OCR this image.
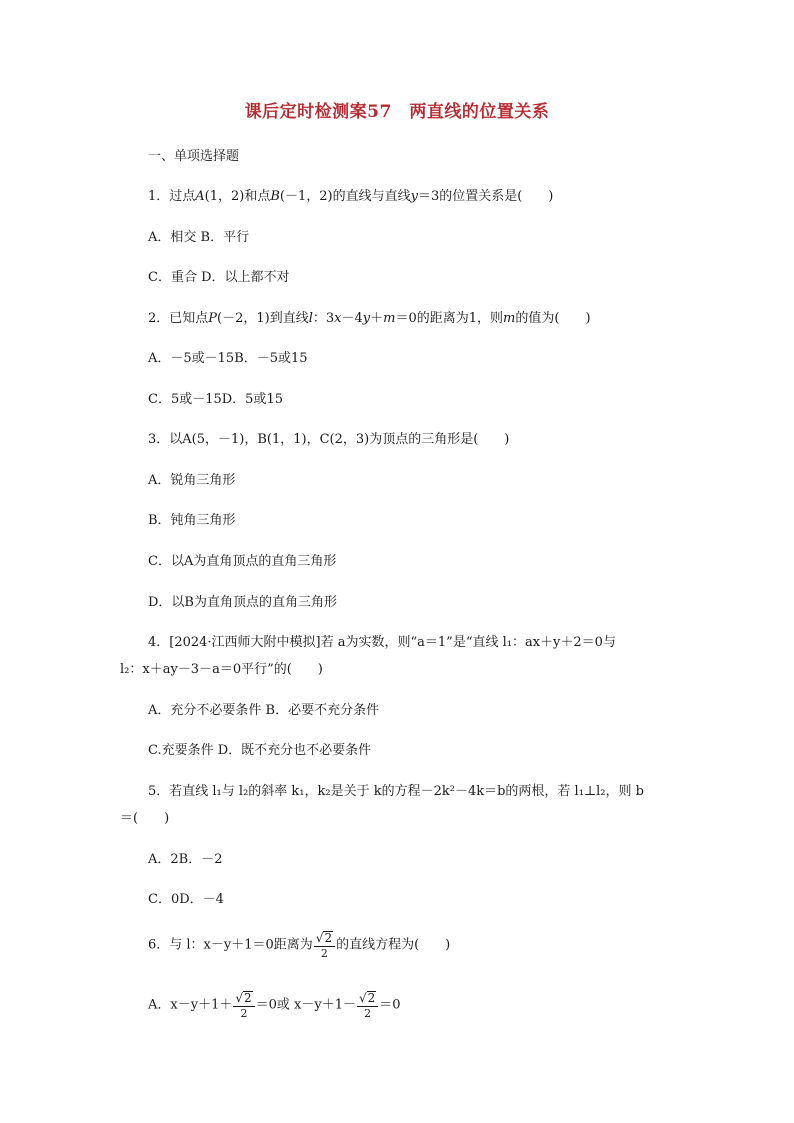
课后定时检测案57　两直线的位置关系
一、单项选择题
1．过点A(1，2)和点B(－1，2)的直线与直线y＝3的位置关系是(　　)
A．相交 B．平行
C．重合 D．以上都不对
2．已知点P(－2，1)到直线l：3x－4y＋m＝0的距离为1，则m的值为(　　)
A．－5或－15B．－5或15
C．5或－15D．5或15
3．以A(5，－1)，B(1，1)，C(2，3)为顶点的三角形是(　　)
A．锐角三角形
B．钝角三角形
C．以A为直角顶点的直角三角形
D．以B为直角顶点的直角三角形
4．[2024·江西师大附中模拟]若 a为实数，则“a＝1”是“直线 l₁：ax＋y＋2＝0与
l₂：x＋ay－3－a＝0平行”的(　　)
A．充分不必要条件 B．必要不充分条件
C.充要条件 D．既不充分也不必要条件
5．若直线 l₁与 l₂的斜率 k₁，k₂是关于 k的方程－2k²－4k＝b的两根，若 l₁⊥l₂，则 b
＝(　　)
A．2B．－2
C．0D．－4
6．与 l：x－y＋1＝0距离为 $\frac{√2}{2}$ 的直线方程为(　　)
A．$x-y+1+ \frac{√2}{2} =0$或 $x-y+1- \frac{√2}{2} =0$
